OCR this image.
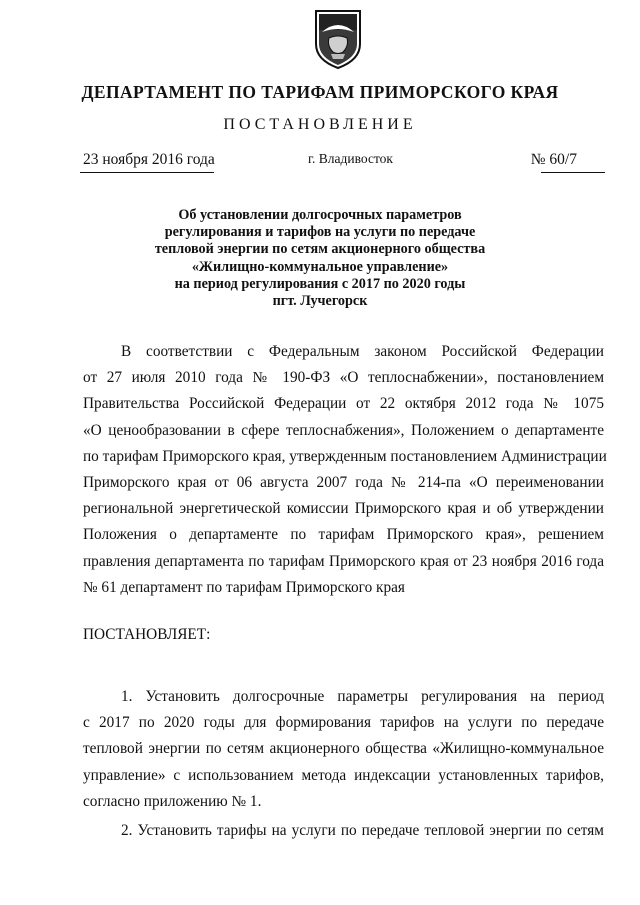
ДЕПАРТАМЕНТ ПО ТАРИФАМ ПРИМОРСКОГО КРАЯ
ПОСТАНОВЛЕНИЕ
23 ноября 2016 года	г. Владивосток	№ 60/7
Об установлении долгосрочных параметров
регулирования и тарифов на услуги по передаче
тепловой энергии по сетям акционерного общества
«Жилищно-коммунальное управление»
на период регулирования с 2017 по 2020 годы
пгт. Лучегорск
В соответствии с Федеральным законом Российской Федерации
от 27 июля 2010 года № 190-ФЗ «О теплоснабжении», постановлением
Правительства Российской Федерации от 22 октября 2012 года № 1075
«О ценообразовании в сфере теплоснабжения», Положением о департаменте
по тарифам Приморского края, утвержденным постановлением Администрации
Приморского края от 06 августа 2007 года № 214-па «О переименовании
региональной энергетической комиссии Приморского края и об утверждении
Положения о департаменте по тарифам Приморского края», решением
правления департамента по тарифам Приморского края от 23 ноября 2016 года
№ 61 департамент по тарифам Приморского края
ПОСТАНОВЛЯЕТ:
1. Установить долгосрочные параметры регулирования на период
с 2017 по 2020 годы для формирования тарифов на услуги по передаче
тепловой энергии по сетям акционерного общества «Жилищно-коммунальное
управление» с использованием метода индексации установленных тарифов,
согласно приложению № 1.
2. Установить тарифы на услуги по передаче тепловой энергии по сетям
